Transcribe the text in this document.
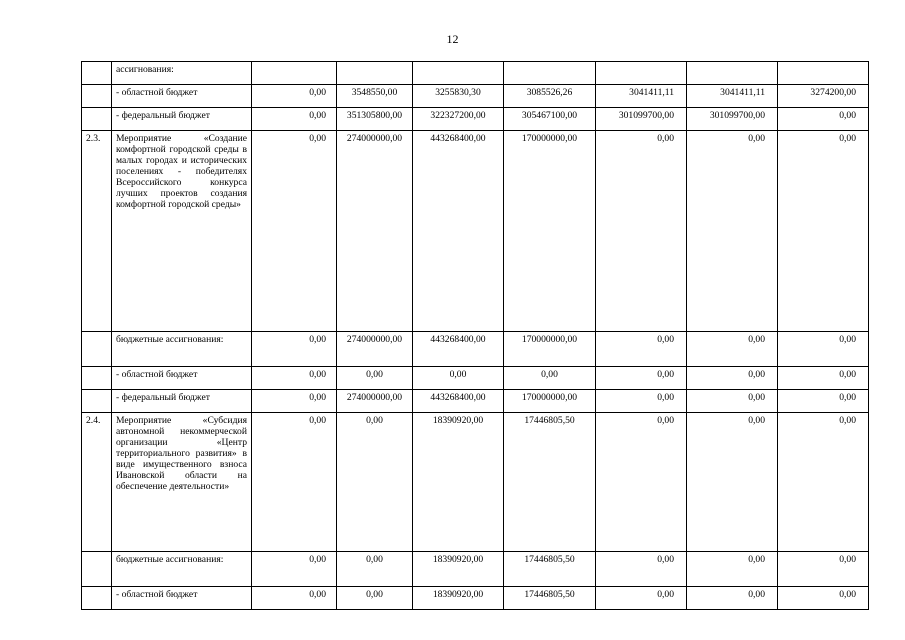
12
	ассигнования:							
	- областной бюджет	0,00	3548550,00	3255830,30	3085526,26	3041411,11	3041411,11	3274200,00
	- федеральный бюджет	0,00	351305800,00	322327200,00	305467100,00	301099700,00	301099700,00	0,00
2.3.	Мероприятие «Создание комфортной городской среды в малых городах и исторических поселениях - победителях Всероссийского конкурса лучших проектов создания комфортной городской среды»	0,00	274000000,00	443268400,00	170000000,00	0,00	0,00	0,00
	бюджетные ассигнования:	0,00	274000000,00	443268400,00	170000000,00	0,00	0,00	0,00
	- областной бюджет	0,00	0,00	0,00	0,00	0,00	0,00	0,00
	- федеральный бюджет	0,00	274000000,00	443268400,00	170000000,00	0,00	0,00	0,00
2.4.	Мероприятие «Субсидия автономной некоммерческой организации «Центр территориального развития» в виде имущественного взноса Ивановской области на обеспечение деятельности»	0,00	0,00	18390920,00	17446805,50	0,00	0,00	0,00
	бюджетные ассигнования:	0,00	0,00	18390920,00	17446805,50	0,00	0,00	0,00
	- областной бюджет	0,00	0,00	18390920,00	17446805,50	0,00	0,00	0,00
